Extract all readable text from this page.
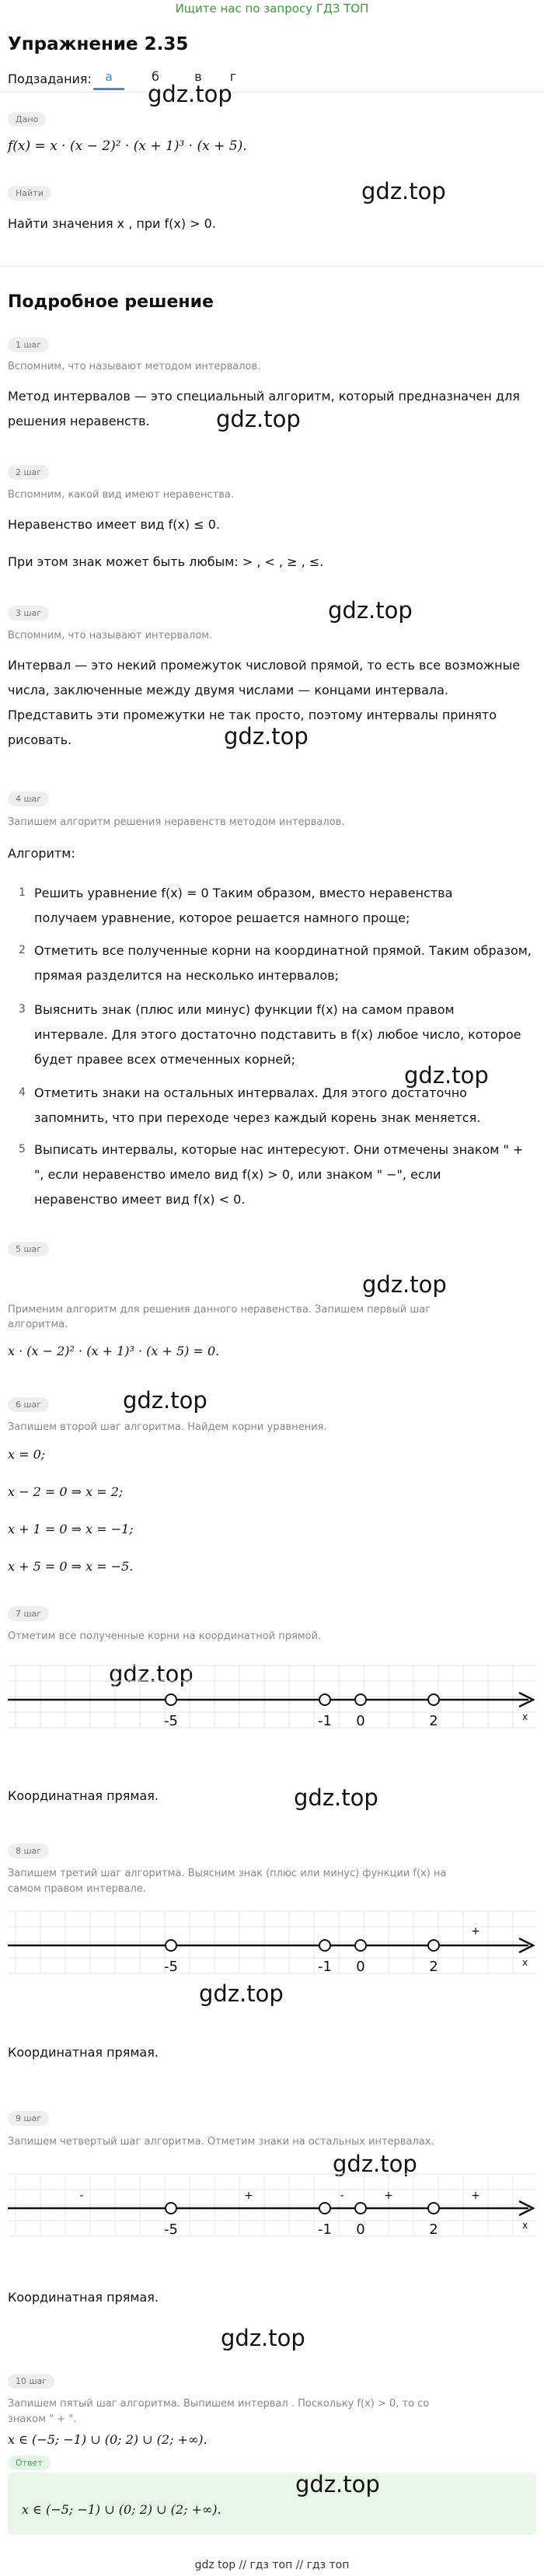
Ищите нас по запросу ГДЗ ТОП
Упражнение 2.35
Подзадания:	а	б	в	г
gdz.top
Дано
f(x) = x · (x − 2)² · (x + 1)³ · (x + 5).
Найти	gdz.top
Найти значения x , при f(x) > 0.
Подробное решение
1 шаг
Вспомним, что называют методом интервалов.
Метод интервалов — это специальный алгоритм, который предназначен для
решения неравенств.	gdz.top
2 шаг
Вспомним, какой вид имеют неравенства.
Неравенство имеет вид f(x) ≤ 0.
При этом знак может быть любым: > , < , ≥ , ≤.
gdz.top
3 шаг
Вспомним, что называют интервалом.
Интервал — это некий промежуток числовой прямой, то есть все возможные
числа, заключенные между двумя числами — концами интервала.
Представить эти промежутки не так просто, поэтому интервалы принято
рисовать.	gdz.top
4 шаг
Запишем алгоритм решения неравенств методом интервалов.
Алгоритм:
1 Решить уравнение f(x) = 0 Таким образом, вместо неравенства
получаем уравнение, которое решается намного проще;
2 Отметить все полученные корни на координатной прямой. Таким образом,
прямая разделится на несколько интервалов;
3 Выяснить знак (плюс или минус) функции f(x) на самом правом
интервале. Для этого достаточно подставить в f(x) любое число, которое
будет правее всех отмеченных корней;
gdz.top
4 Отметить знаки на остальных интервалах. Для этого достаточно
запомнить, что при переходе через каждый корень знак меняется.
5 Выписать интервалы, которые нас интересуют. Они отмечены знаком " +
", если неравенство имело вид f(x) > 0, или знаком " −", если
неравенство имеет вид f(x) < 0.
gdz.top
5 шаг
Применим алгоритм для решения данного неравенства. Запишем первый шаг
алгоритма.
x · (x − 2)² · (x + 1)³ · (x + 5) = 0.
6 шаг	gdz.top
Запишем второй шаг алгоритма. Найдем корни уравнения.
x = 0;
x − 2 = 0 ⇒ x = 2;
x + 1 = 0 ⇒ x = −1;
x + 5 = 0 ⇒ x = −5.
7 шаг
Отметим все полученные корни на координатной прямой.
gdz.top
x
-5	-1 0	2
Координатная прямая.	gdz.top
8 шаг
Запишем третий шаг алгоритма. Выясним знак (плюс или минус) функции f(x) на
самом правом интервале.
x
-5	-1 0	2
+
gdz.top
Координатная прямая.
9 шаг
Запишем четвертый шаг алгоритма. Отметим знаки на остальных интервалах.
gdz.top
x
-5	-1 0	2
-	+	-	+	+
Координатная прямая.
gdz.top
10 шаг
Запишем пятый шаг алгоритма. Выпишем интервал . Поскольку f(x) > 0, то со
знаком " + ".
x ∈ (−5; −1) ∪ (0; 2) ∪ (2; +∞).
Ответ
gdz.top
x ∈ (−5; −1) ∪ (0; 2) ∪ (2; +∞).
gdz top // гдз топ // гдз топ
